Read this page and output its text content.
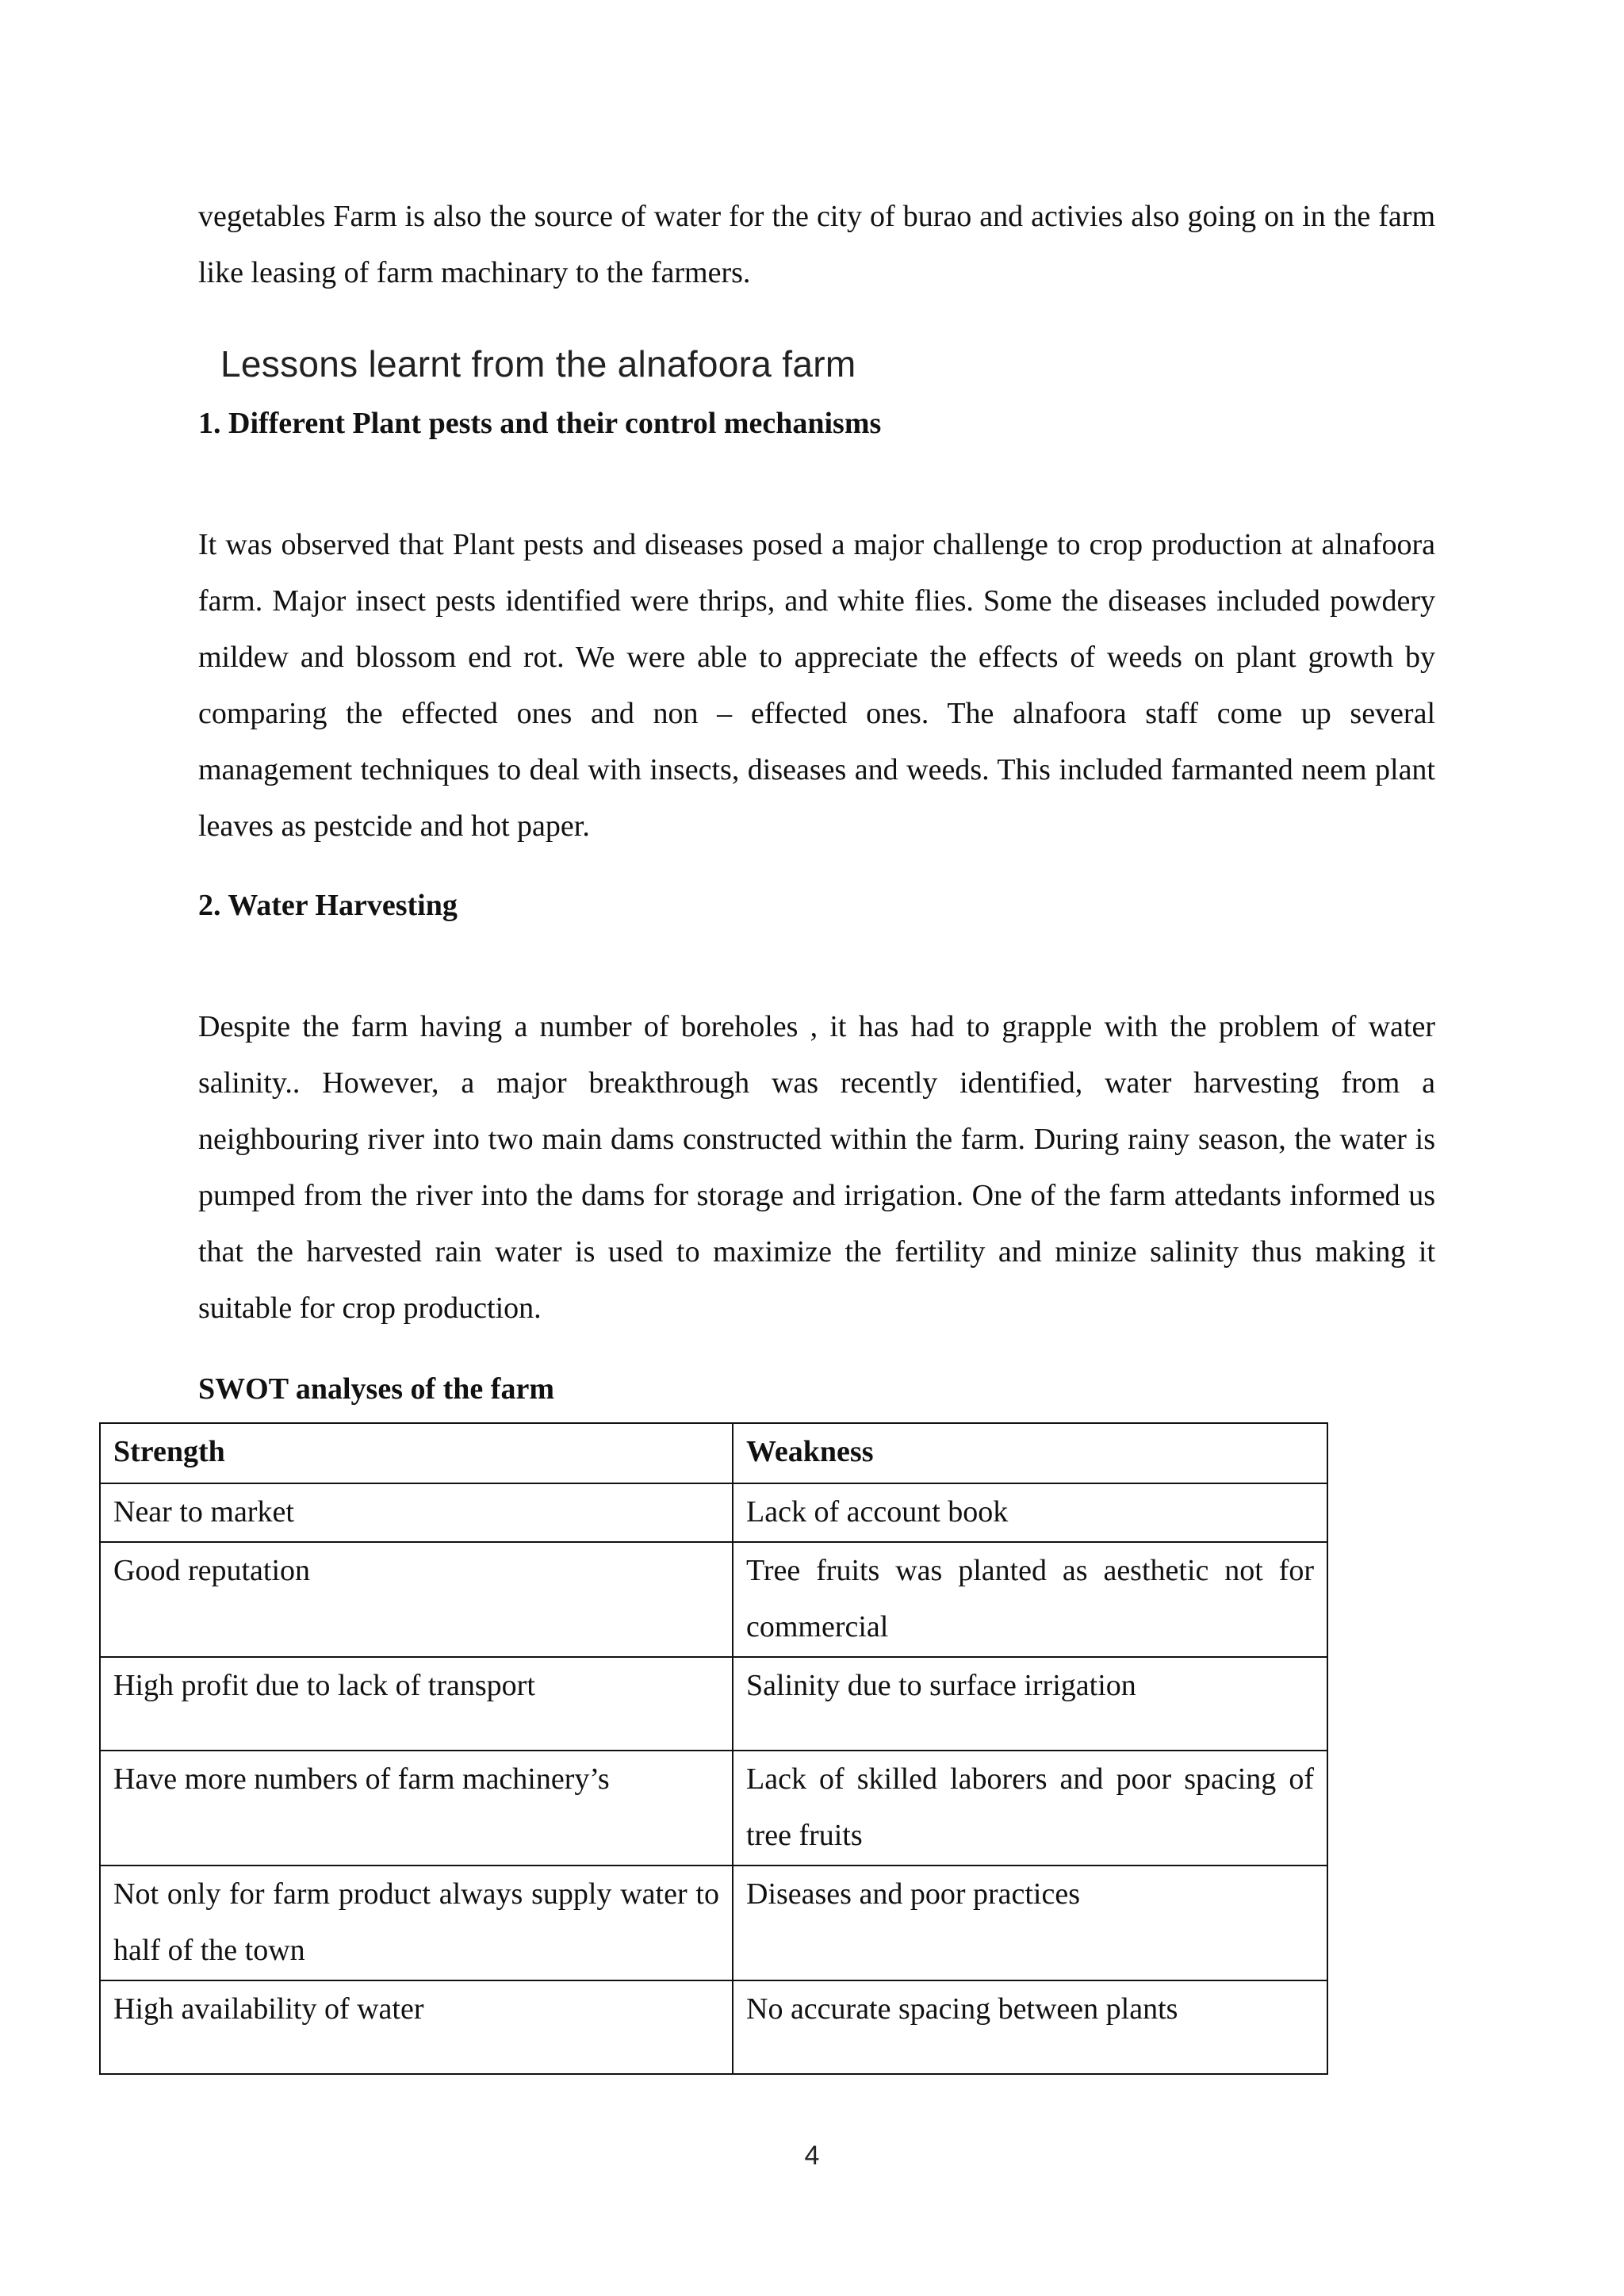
vegetables Farm is also the source of water for the city of burao and activies also going on in the farm like leasing of farm machinary to the farmers.

Lessons learnt from the alnafoora farm
1. Different Plant pests and their control mechanisms

It was observed that Plant pests and diseases posed a major challenge to crop production at alnafoora farm. Major insect pests identified were thrips, and white flies. Some the diseases included powdery mildew and blossom end rot. We were able to appreciate the effects of weeds on plant growth by comparing the effected ones and non – effected ones. The alnafoora staff come up several management techniques to deal with insects, diseases and weeds. This included farmanted neem plant leaves as pestcide and hot paper.

2. Water Harvesting

Despite the farm having a number of boreholes , it has had to grapple with the problem of water salinity.. However, a major breakthrough was recently identified, water harvesting from a neighbouring river into two main dams constructed within the farm. During rainy season, the water is pumped from the river into the dams for storage and irrigation. One of the farm attedants informed us that the harvested rain water is used to maximize the fertility and minize salinity thus making it suitable for crop production.

SWOT analyses of the farm
Strength	Weakness
Near to market	Lack of account book
Good reputation	Tree fruits was planted as aesthetic not for commercial
High profit due to lack of transport	Salinity due to surface irrigation
Have more numbers of farm machinery’s	Lack of skilled laborers and poor spacing of tree fruits
Not only for farm product always supply water to half of the town	Diseases and poor practices
High availability of water	No accurate spacing between plants
4
